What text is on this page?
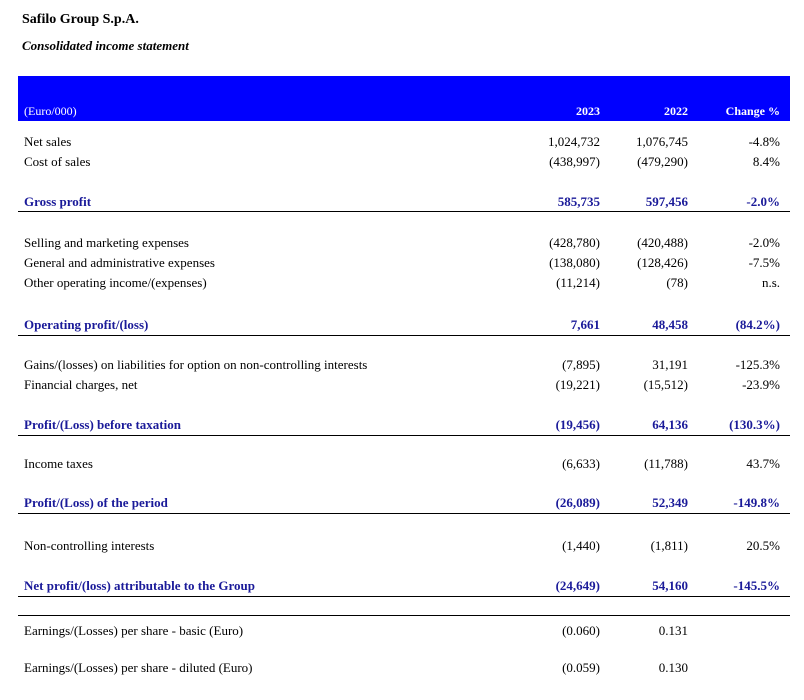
Safilo Group S.p.A.
Consolidated income statement
(Euro/000)	2023	2022	Change %
Net sales	1,024,732	1,076,745	-4.8%
Cost of sales	(438,997)	(479,290)	8.4%
Gross profit	585,735	597,456	-2.0%
Selling and marketing expenses	(428,780)	(420,488)	-2.0%
General and administrative expenses	(138,080)	(128,426)	-7.5%
Other operating income/(expenses)	(11,214)	(78)	n.s.
Operating profit/(loss)	7,661	48,458	(84.2%)
Gains/(losses) on liabilities for option on non-controlling interests	(7,895)	31,191	-125.3%
Financial charges, net	(19,221)	(15,512)	-23.9%
Profit/(Loss) before taxation	(19,456)	64,136	(130.3%)
Income taxes	(6,633)	(11,788)	43.7%
Profit/(Loss) of the period	(26,089)	52,349	-149.8%
Non-controlling interests	(1,440)	(1,811)	20.5%
Net profit/(loss) attributable to the Group	(24,649)	54,160	-145.5%
Earnings/(Losses) per share - basic (Euro)	(0.060)	0.131
Earnings/(Losses) per share - diluted (Euro)	(0.059)	0.130
